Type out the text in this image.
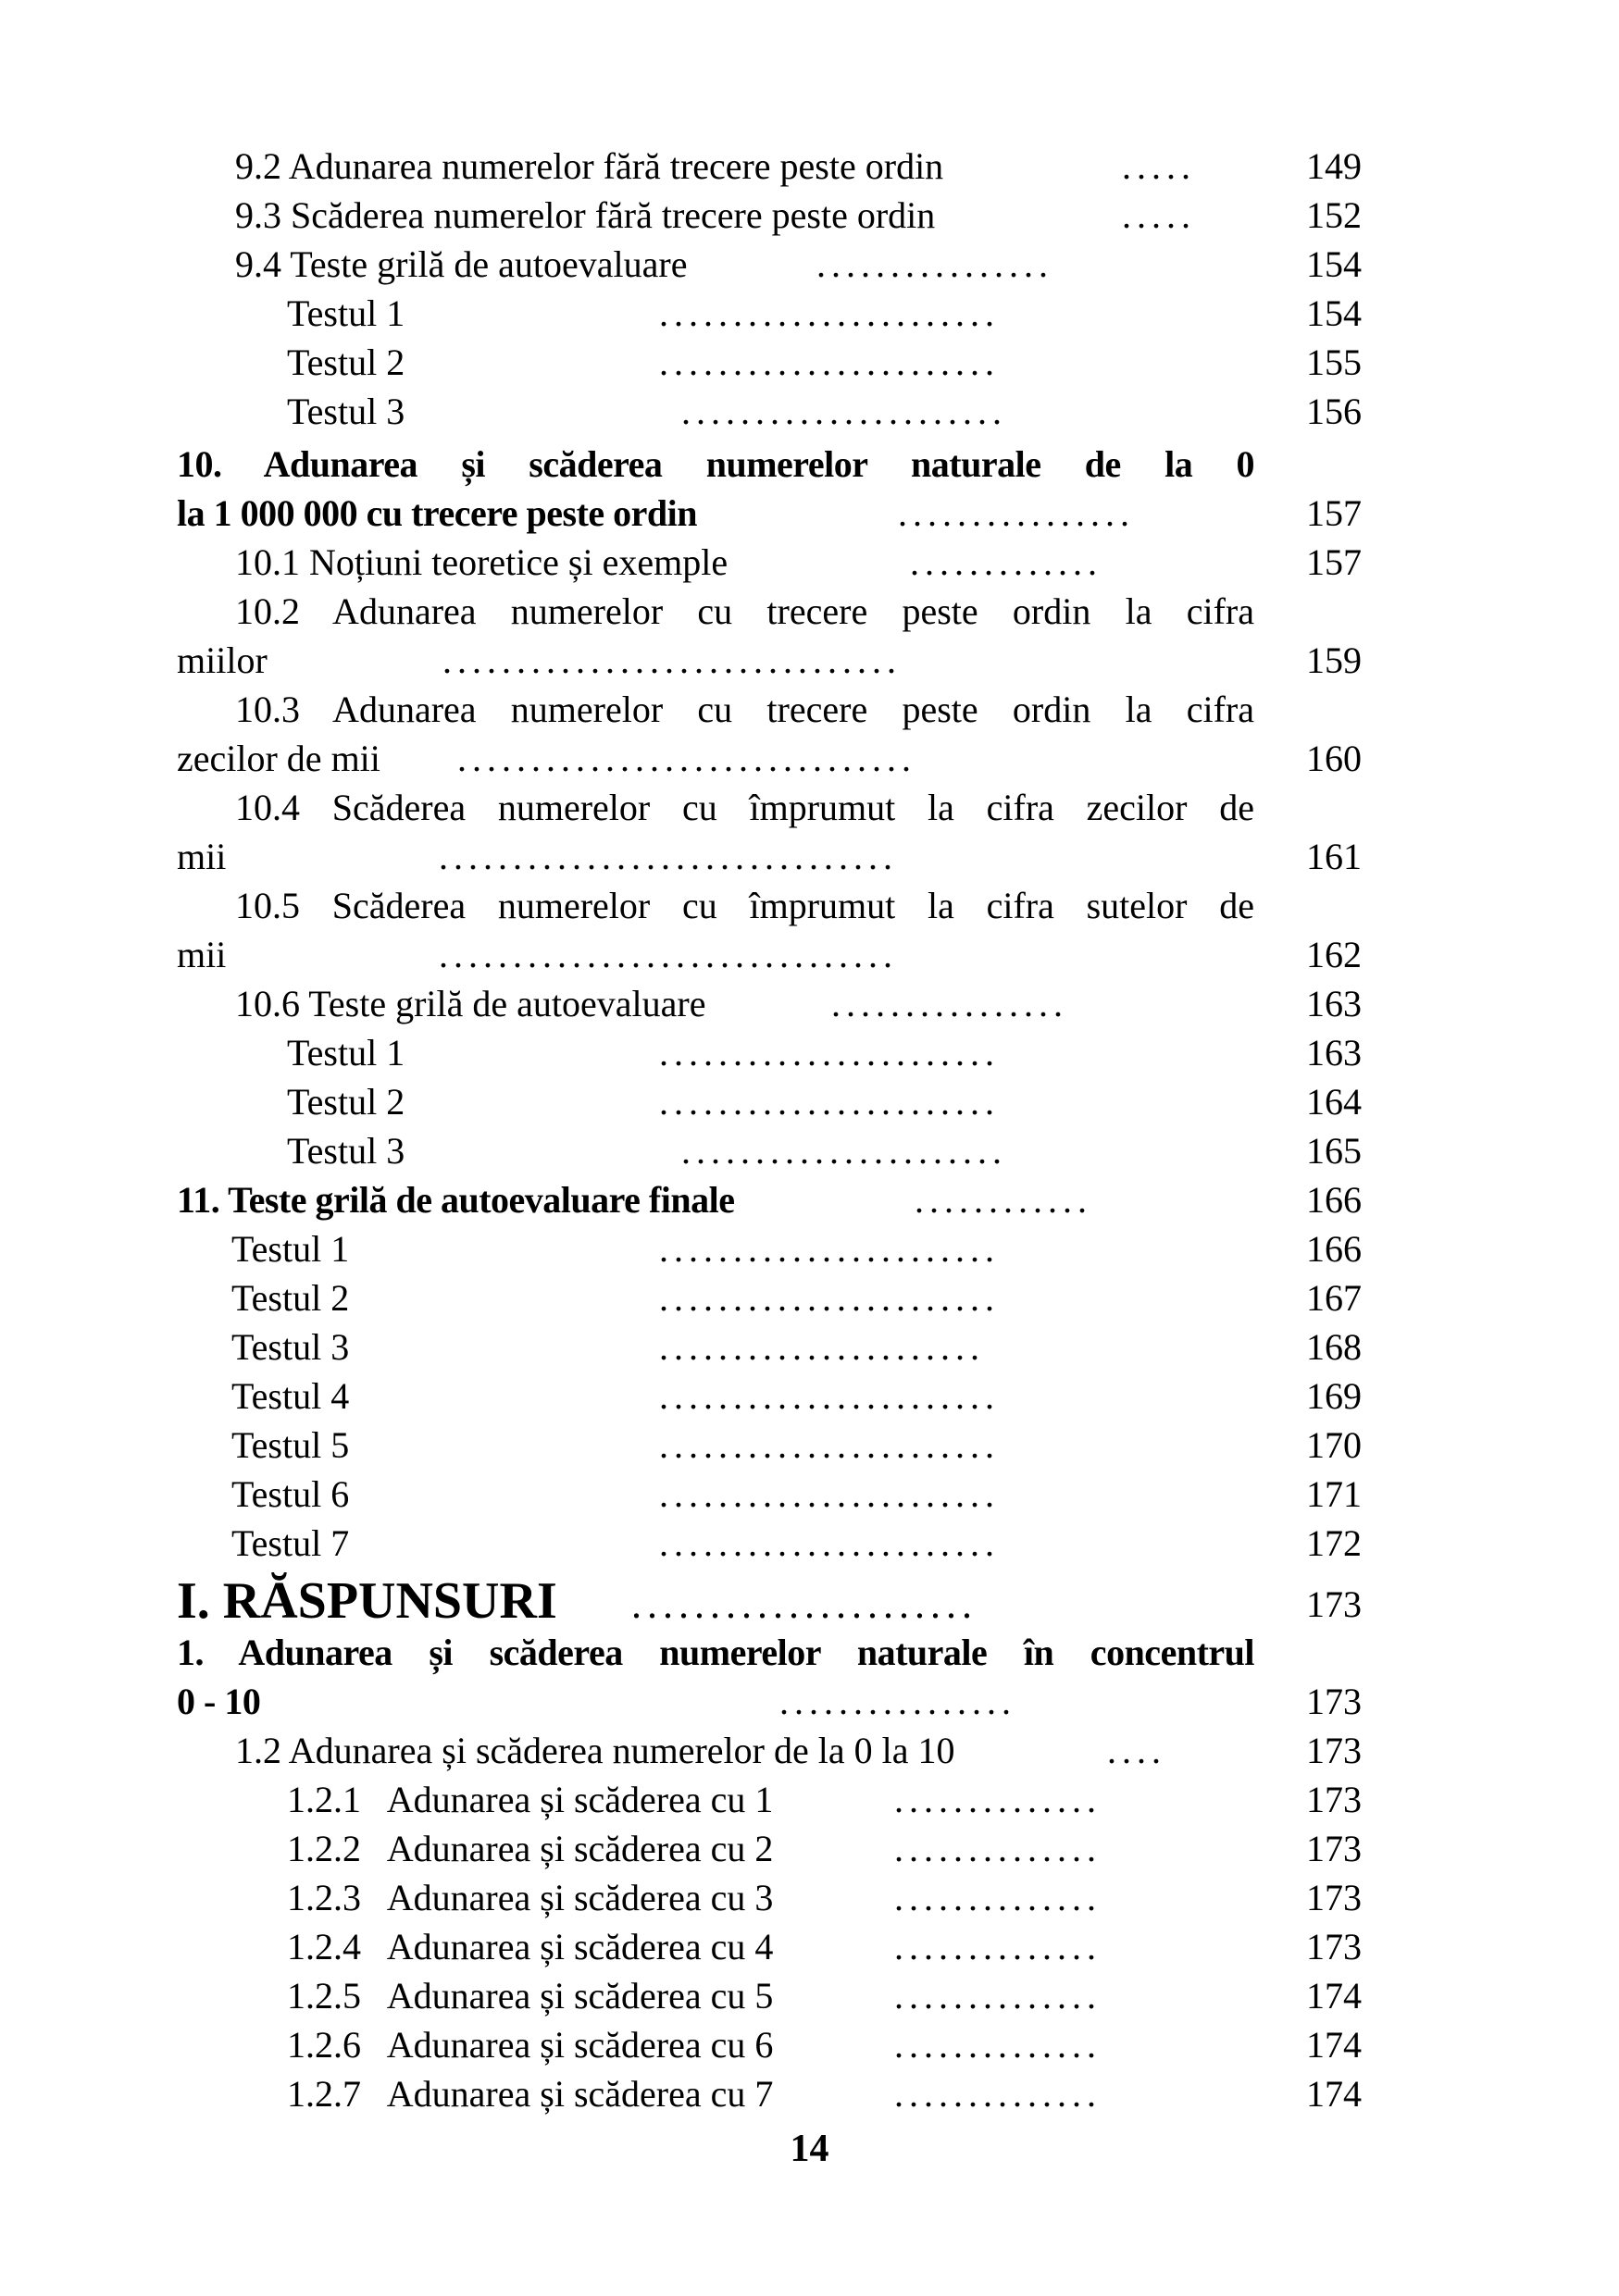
9.2 Adunarea numerelor fără trecere peste ordin	.....	149
9.3 Scăderea numerelor fără trecere peste ordin	.....	152
9.4 Teste grilă de autoevaluare	................	154
Testul 1	.......................	154
Testul 2	.......................	155
Testul 3	......................	156
10. Adunarea și scăderea numerelor naturale de la 0
la 1 000 000 cu trecere peste ordin	................	157
10.1 Noțiuni teoretice și exemple	.............	157
10.2 Adunarea numerelor cu trecere peste ordin la cifra
miilor	...............................	159
10.3 Adunarea numerelor cu trecere peste ordin la cifra
zecilor de mii ...............................	160
10.4 Scăderea numerelor cu împrumut la cifra zecilor de
mii	...............................	161
10.5 Scăderea numerelor cu împrumut la cifra sutelor de
mii	...............................	162
10.6 Teste grilă de autoevaluare	................	163
Testul 1	.......................	163
Testul 2	.......................	164
Testul 3	......................	165
11. Teste grilă de autoevaluare finale	............	166
Testul 1	.......................	166
Testul 2	.......................	167
Testul 3	......................	168
Testul 4	.......................	169
Testul 5	.......................	170
Testul 6	.......................	171
Testul 7	.......................	172
I. RĂSPUNSURI ......................	173
1. Adunarea și scăderea numerelor naturale în concentrul
0 - 10	................	173
1.2 Adunarea și scăderea numerelor de la 0 la 10	....	173
1.2.1   Adunarea și scăderea cu 1	..............	173
1.2.2   Adunarea și scăderea cu 2	..............	173
1.2.3   Adunarea și scăderea cu 3	..............	173
1.2.4   Adunarea și scăderea cu 4	..............	173
1.2.5   Adunarea și scăderea cu 5	..............	174
1.2.6   Adunarea și scăderea cu 6	..............	174
1.2.7   Adunarea și scăderea cu 7	..............	174
14
